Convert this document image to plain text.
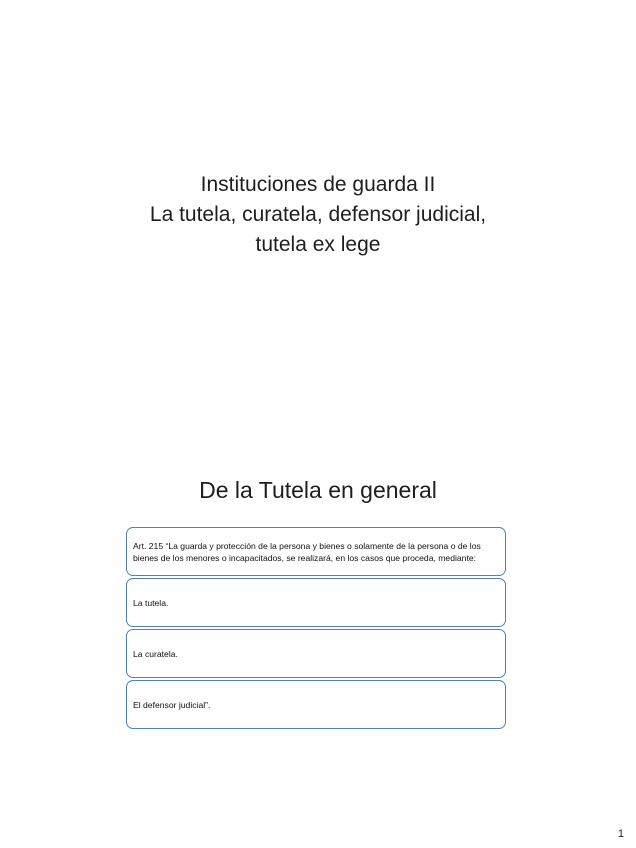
Instituciones de guarda II
La tutela, curatela, defensor judicial,
tutela ex lege
De la Tutela en general
Art. 215 “La guarda y protección de la persona y bienes o solamente de la persona o de los bienes de los menores o incapacitados, se realizará, en los casos que proceda, mediante:
La tutela.
La curatela.
El defensor judicial”.
1
